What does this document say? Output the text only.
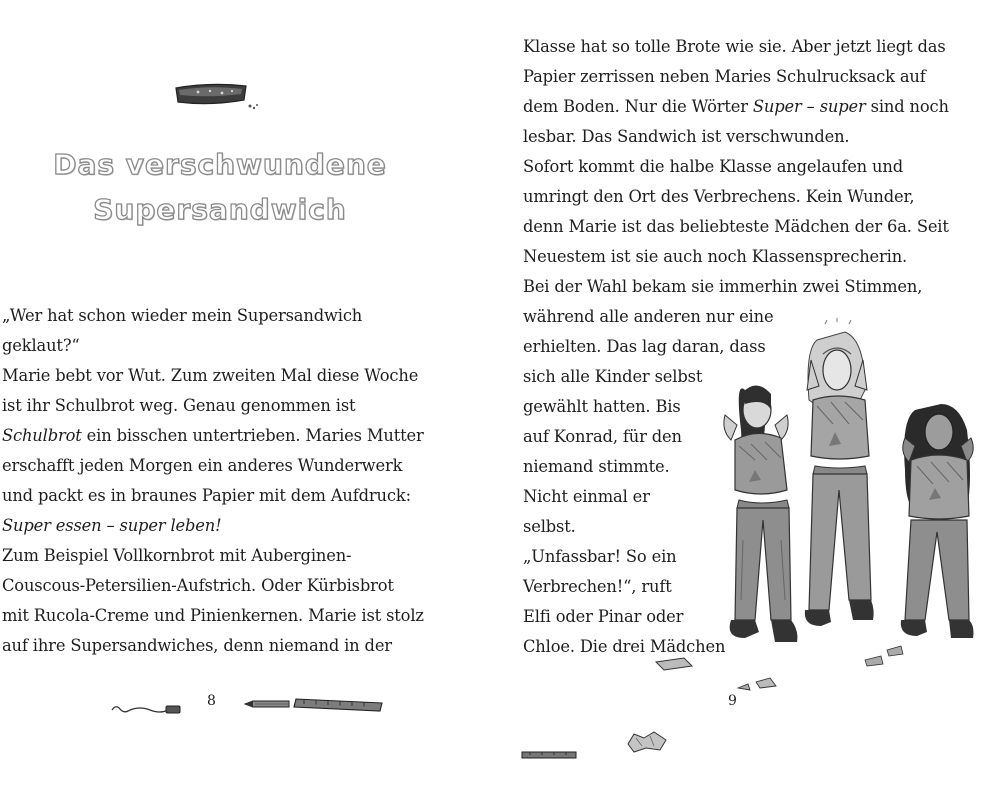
Das verschwundene
Supersandwich
„Wer hat schon wieder mein Supersandwich
geklaut?“
Marie bebt vor Wut. Zum zweiten Mal diese Woche
ist ihr Schulbrot weg. Genau genommen ist
Schulbrot ein bisschen untertrieben. Maries Mutter
erschafft jeden Morgen ein anderes Wunderwerk
und packt es in braunes Papier mit dem Aufdruck:
Super essen – super leben!
Zum Beispiel Vollkornbrot mit Auberginen-
Couscous-Petersilien-Aufstrich. Oder Kürbisbrot
mit Rucola-Creme und Pinienkernen. Marie ist stolz
auf ihre Supersandwiches, denn niemand in der
8
Klasse hat so tolle Brote wie sie. Aber jetzt liegt das
Papier zerrissen neben Maries Schulrucksack auf
dem Boden. Nur die Wörter Super – super sind noch
lesbar. Das Sandwich ist verschwunden.
Sofort kommt die halbe Klasse angelaufen und
umringt den Ort des Verbrechens. Kein Wunder,
denn Marie ist das beliebteste Mädchen der 6a. Seit
Neuestem ist sie auch noch Klassensprecherin.
Bei der Wahl bekam sie immerhin zwei Stimmen,
während alle anderen nur eine
erhielten. Das lag daran, dass
sich alle Kinder selbst
gewählt hatten. Bis
auf Konrad, für den
niemand stimmte.
Nicht einmal er
selbst.
„Unfassbar! So ein
Verbrechen!“, ruft
Elfi oder Pinar oder
Chloe. Die drei Mädchen
9
